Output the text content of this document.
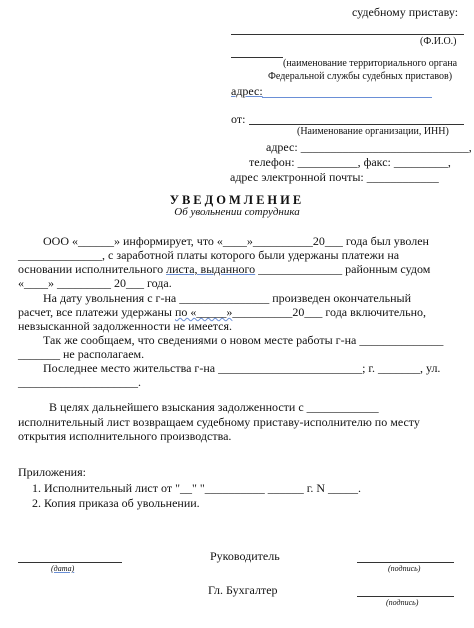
судебному приставу:
(Ф.И.О.)
(наименование территориального органа
Федеральной службы судебных приставов)
адрес:
от:
(Наименование организации, ИНН)
адрес: ____________________________,
телефон: __________, факс: _________,
адрес электронной почты: ____________
УВЕДОМЛЕНИЕ
Об увольнении сотрудника
ООО «______» информирует, что «____»__________20___ года был уволен
______________, с заработной платы которого были удержаны платежи на
основании исполнительного листа, выданного ______________ районным судом
«____» _________ 20___ года.
На дату увольнения с г-на _______________ произведен окончательный
расчет, все платежи удержаны по «_____»__________20___ года включительно,
невзысканной задолженности не имеется.
Так же сообщаем, что сведениями о новом месте работы г-на ______________
_______ не располагаем.
Последнее место жительства г-на ________________________; г. _______, ул.
____________________.
В целях дальнейшего взыскания задолженности с ____________
исполнительный лист возвращаем судебному приставу-исполнителю по месту
открытия исполнительного производства.
Приложения:
1. Исполнительный лист от "__" "__________ ______ г. N _____.
2. Копия приказа об увольнении.
(дата)
Руководитель
(подпись)
Гл. Бухгалтер
(подпись)
